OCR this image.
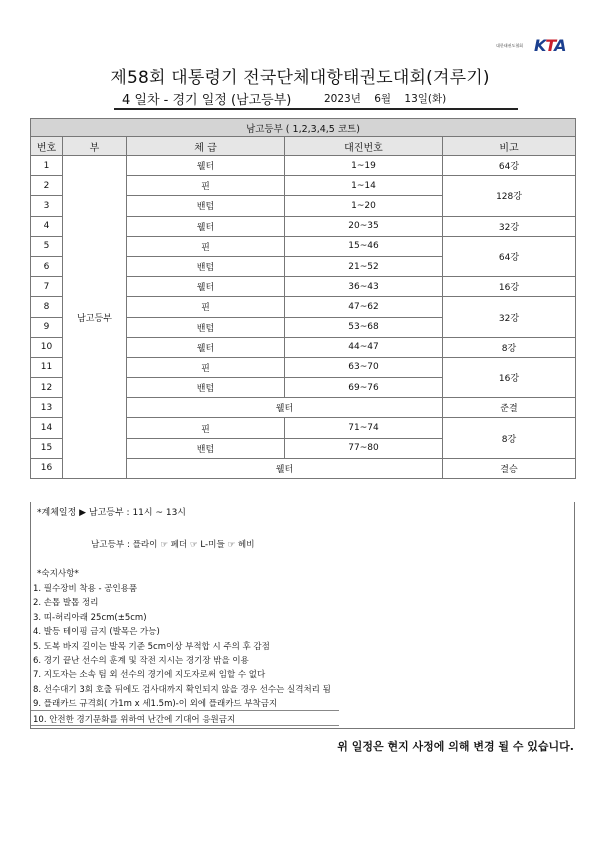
대한태권도협회 KTA
제58회 대통령기 전국단체대항태권도대회(겨루기)
4 일차 - 경기 일정 (남고등부)	2023년 6월 13일(화)
남고등부 ( 1,2,3,4,5 코트)				
번호	부	체 급	대진번호	비고
1	남고등부	웰터	1~19	64강
2		핀	1~14	128강
3		밴텀	1~20	
4		웰터	20~35	32강
5		핀	15~46	64강
6		밴텀	21~52	
7		웰터	36~43	16강
8		핀	47~62	32강
9		밴텀	53~68	
10		웰터	44~47	8강
11		핀	63~70	16강
12		밴텀	69~76	
13		웰터		준결
14		핀	71~74	8강
15		밴텀	77~80	
16		웰터		결승
*계체일정 ▶ 남고등부 : 11시 ~ 13시
남고등부 : 플라이 ☞ 페더 ☞ L-미들 ☞ 헤비
*숙지사항*
1. 필수장비 착용 - 공인용품
2. 손톱 발톱 정리
3. 띠-허리아래 25cm(±5cm)
4. 발등 테이핑 금지 (발목은 가능)
5. 도복 바지 길이는 발목 기준 5cm이상 부적합 시 주의 후 감점
6. 경기 끝난 선수의 훈계 및 작전 지시는 경기장 밖을 이용
7. 지도자는 소속 팀 외 선수의 경기에 지도자로써 임할 수 없다
8. 선수대기 3회 호출 뒤에도 검사대까지 확인되지 않을 경우 선수는 실격처리 됨
9. 플래카드 규격회( 가1m x 세1.5m)-이 외에 플래카드 부착금지
10. 안전한 경기문화를 위하여 난간에 기대어 응원금지
위 일정은 현지 사정에 의해 변경 될 수 있습니다.
